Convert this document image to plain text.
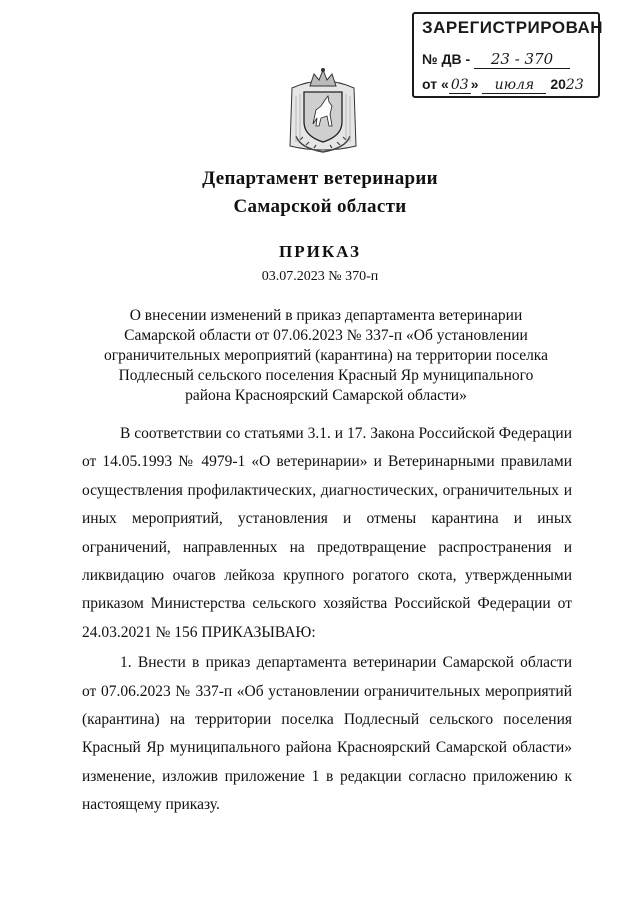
ЗАРЕГИСТРИРОВАН
№ ДВ - 23 - 370
от « 03 » июля 2023
Департамент ветеринарии
Самарской области
ПРИКАЗ
03.07.2023 № 370-п
О внесении изменений в приказ департамента ветеринарии Самарской области от 07.06.2023 № 337-п «Об установлении ограничительных мероприятий (карантина) на территории поселка Подлесный сельского поселения Красный Яр муниципального района Красноярский Самарской области»

В соответствии со статьями 3.1. и 17. Закона Российской Федерации от 14.05.1993 № 4979-1 «О ветеринарии» и Ветеринарными правилами осуществления профилактических, диагностических, ограничительных и иных мероприятий, установления и отмены карантина и иных ограничений, направленных на предотвращение распространения и ликвидацию очагов лейкоза крупного рогатого скота, утвержденными приказом Министерства сельского хозяйства Российской Федерации от 24.03.2021 № 156 ПРИКАЗЫВАЮ:

1. Внести в приказ департамента ветеринарии Самарской области от 07.06.2023 № 337-п «Об установлении ограничительных мероприятий (карантина) на территории поселка Подлесный сельского поселения Красный Яр муниципального района Красноярский Самарской области» изменение, изложив приложение 1 в редакции согласно приложению к настоящему приказу.
